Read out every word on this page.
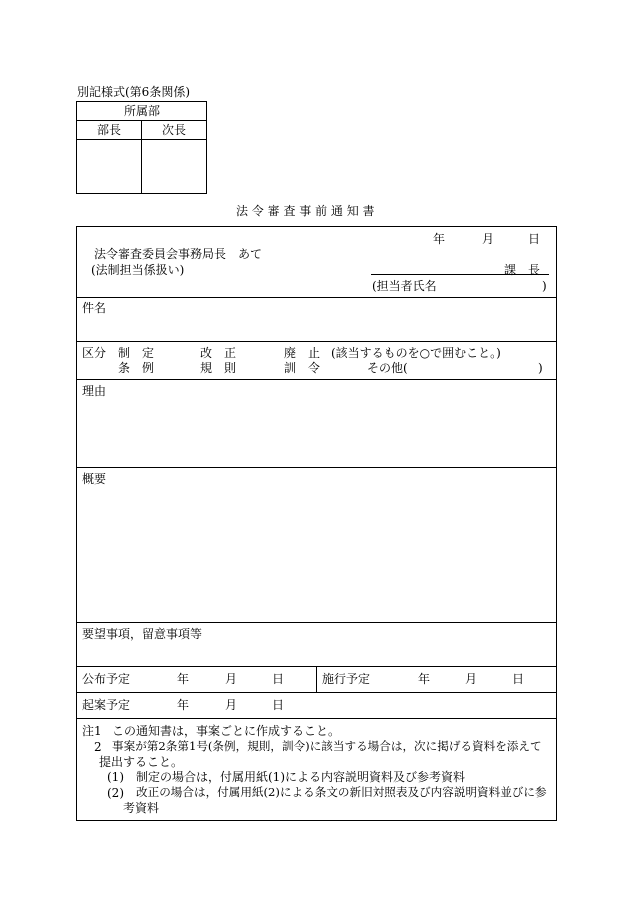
別記様式(第6条関係)
所属部
部長	次長
法 令 審 査 事 前 通 知 書
年	月	日
法令審査委員会事務局長　あて
(法制担当係扱い)	課　長
(担当者氏名	)
件名
区分 制　定	改　正	廃　止 (該当するものを○で囲むこと。)
条　例	規　則	訓　令	その他(	)
理由
概要
要望事項，留意事項等
公布予定	年	月	日	施行予定	年	月	日
起案予定	年	月	日
注1 この通知書は，事案ごとに作成すること。
2 事案が第2条第1号(条例，規則，訓令)に該当する場合は，次に掲げる資料を添えて
提出すること。
(1) 制定の場合は，付属用紙(1)による内容説明資料及び参考資料
(2) 改正の場合は，付属用紙(2)による条文の新旧対照表及び内容説明資料並びに参
考資料
